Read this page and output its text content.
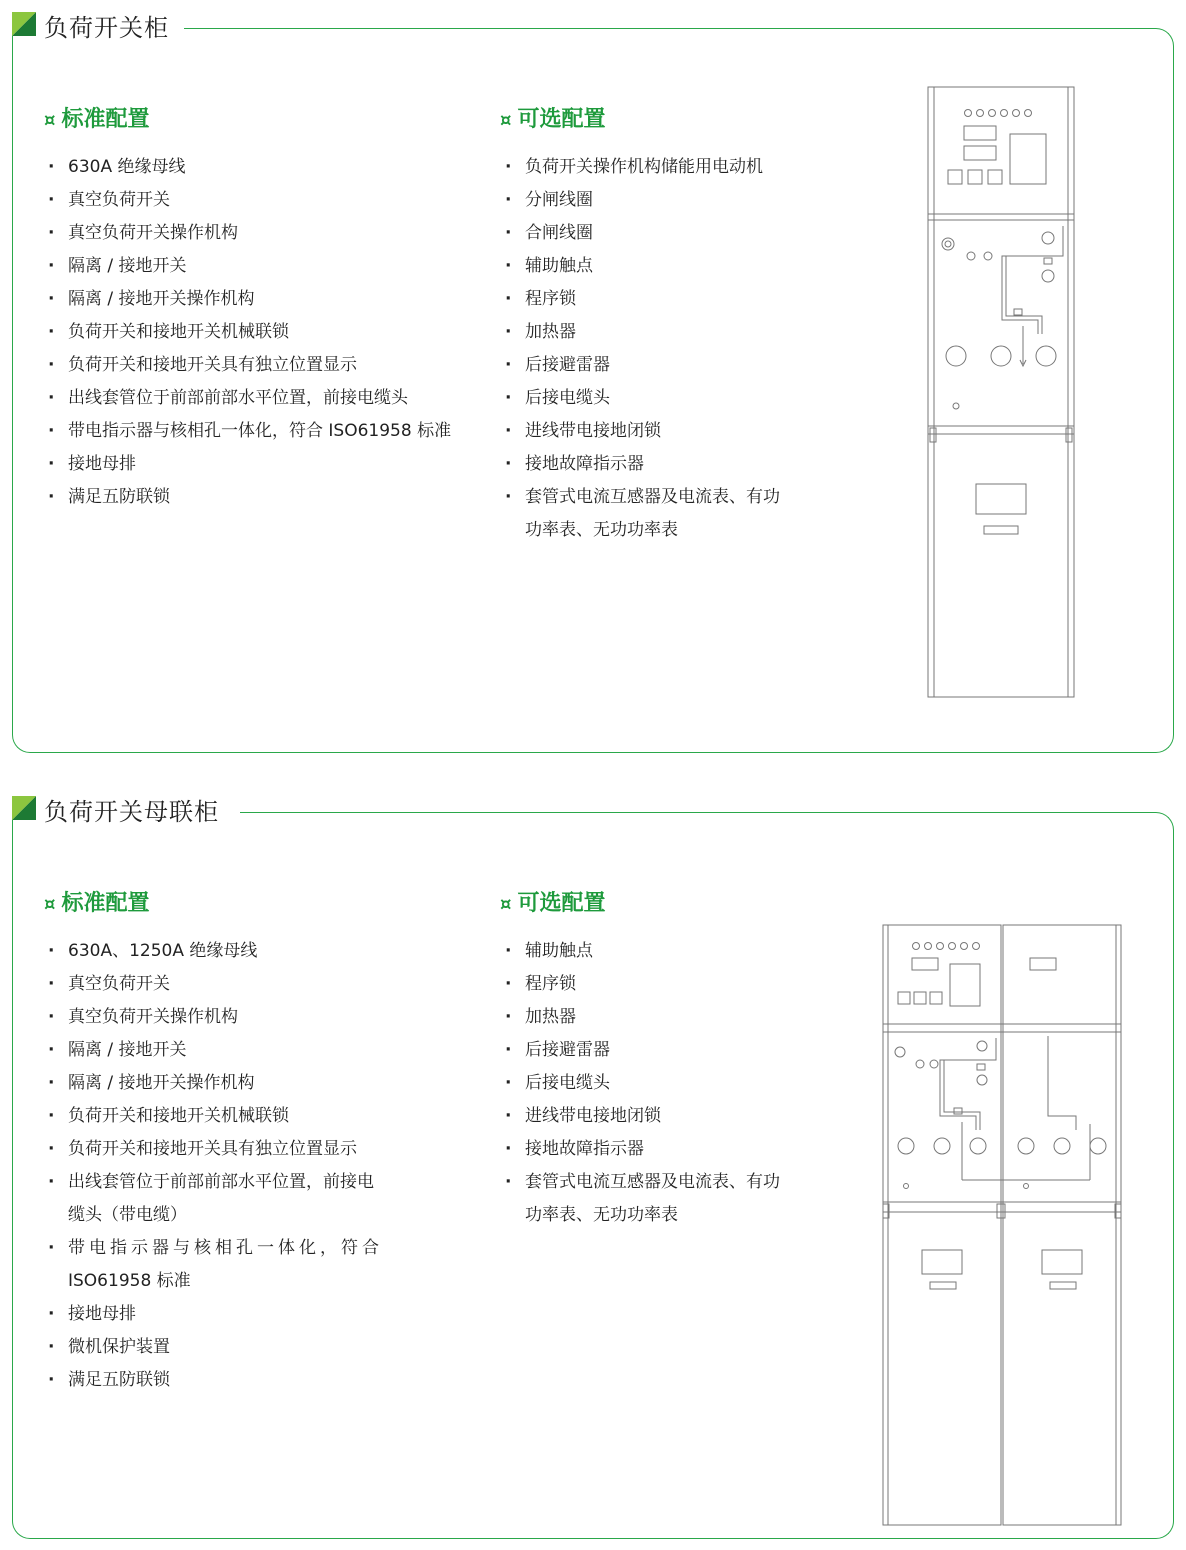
负荷开关柜
¤ 标准配置
· 630A 绝缘母线
· 真空负荷开关
· 真空负荷开关操作机构
· 隔离 / 接地开关
· 隔离 / 接地开关操作机构
· 负荷开关和接地开关机械联锁
· 负荷开关和接地开关具有独立位置显示
· 出线套管位于前部前部水平位置，前接电缆头
· 带电指示器与核相孔一体化，符合 ISO61958 标准
· 接地母排
· 满足五防联锁
¤ 可选配置
· 负荷开关操作机构储能用电动机
· 分闸线圈
· 合闸线圈
· 辅助触点
· 程序锁
· 加热器
· 后接避雷器
· 后接电缆头
· 进线带电接地闭锁
· 接地故障指示器
· 套管式电流互感器及电流表、有功
功率表、无功功率表
负荷开关母联柜
¤ 标准配置
· 630A、1250A 绝缘母线
· 真空负荷开关
· 真空负荷开关操作机构
· 隔离 / 接地开关
· 隔离 / 接地开关操作机构
· 负荷开关和接地开关机械联锁
· 负荷开关和接地开关具有独立位置显示
· 出线套管位于前部前部水平位置，前接电
缆头（带电缆）
· 带电指示器与核相孔一体化，符合
ISO61958 标准
· 接地母排
· 微机保护装置
· 满足五防联锁
¤ 可选配置
· 辅助触点
· 程序锁
· 加热器
· 后接避雷器
· 后接电缆头
· 进线带电接地闭锁
· 接地故障指示器
· 套管式电流互感器及电流表、有功
功率表、无功功率表
